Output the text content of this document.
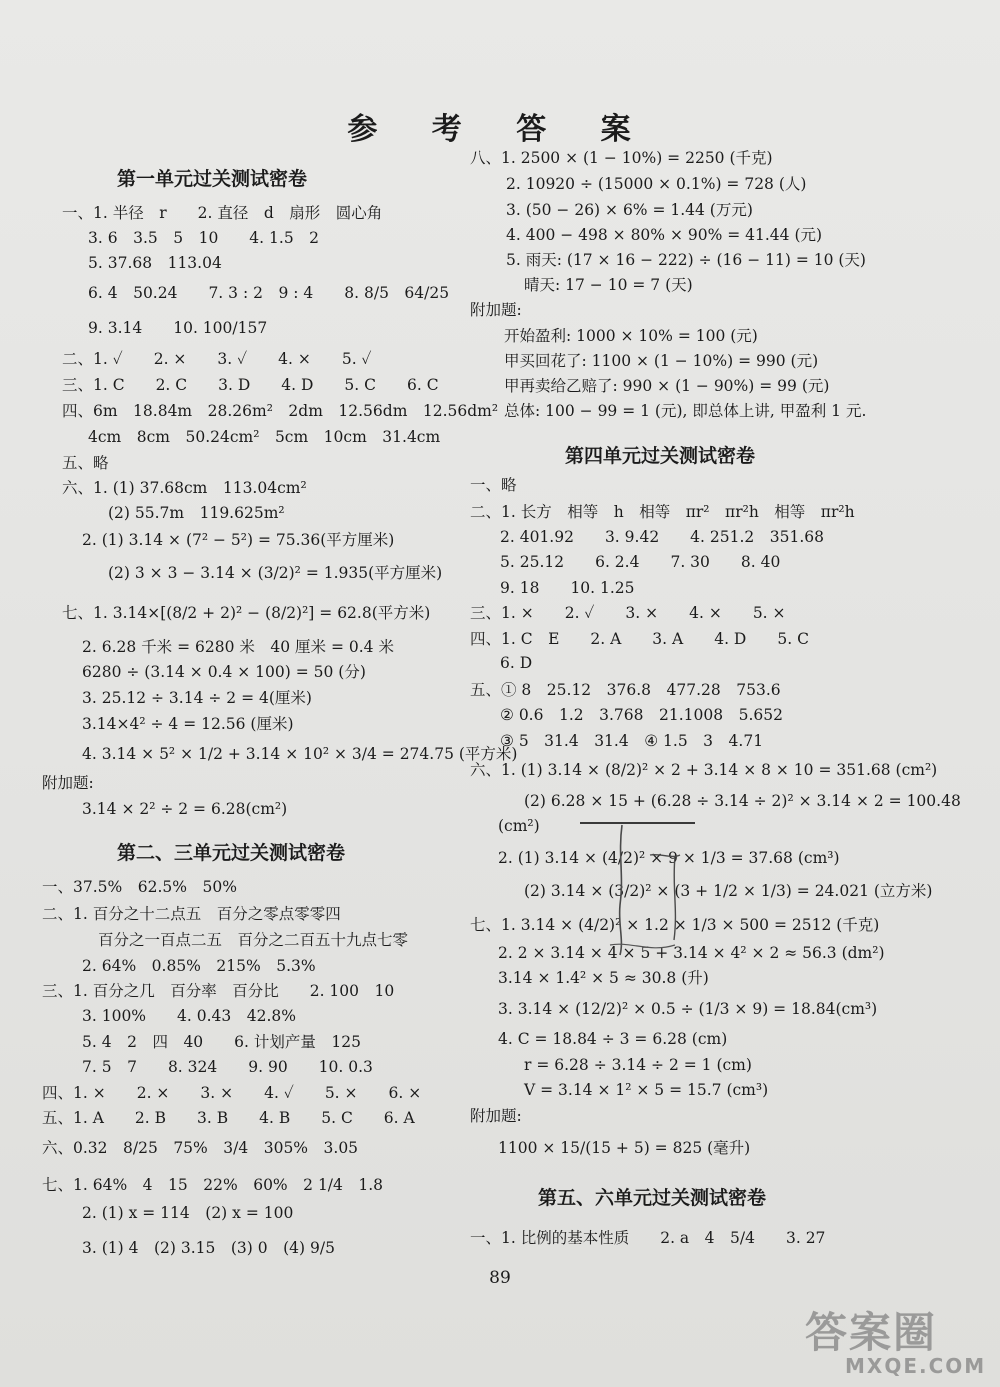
参 考 答 案
第一单元过关测试密卷
一、1. 半径　r　　2. 直径　d　扇形　圆心角
3. 6　3.5　5　10　　4. 1.5　2
5. 37.68　113.04
6. 4　50.24　　7. 3 : 2　9 : 4　　8. 8/5　64/25
9. 3.14　　10. 100/157
二、1. ✓　　2. ×　　3. ✓　　4. ×　　5. ✓
三、1. C　　2. C　　3. D　　4. D　　5. C　　6. C
四、6m　18.84m　28.26m²　2dm　12.56dm　12.56dm²
4cm　8cm　50.24cm²　5cm　10cm　31.4cm
五、略
六、1. (1) 37.68cm　113.04cm²
(2) 55.7m　119.625m²
2. (1) 3.14 × (7² − 5²) = 75.36(平方厘米)
(2) 3 × 3 − 3.14 × (3/2)² = 1.935(平方厘米)
七、1. 3.14×[(8/2 + 2)² − (8/2)²] = 62.8(平方米)
2. 6.28 千米 = 6280 米　40 厘米 = 0.4 米
6280 ÷ (3.14 × 0.4 × 100) = 50 (分)
3. 25.12 ÷ 3.14 ÷ 2 = 4(厘米)
3.14×4² ÷ 4 = 12.56 (厘米)
4. 3.14 × 5² × 1/2 + 3.14 × 10² × 3/4 = 274.75 (平方米)
附加题:
3.14 × 2² ÷ 2 = 6.28(cm²)
第二、三单元过关测试密卷
一、37.5%　62.5%　50%
二、1. 百分之十二点五　百分之零点零零四
百分之一百点二五　百分之二百五十九点七零
2. 64%　0.85%　215%　5.3%
三、1. 百分之几　百分率　百分比　　2. 100　10
3. 100%　　4. 0.43　42.8%
5. 4　2　四　40　　6. 计划产量　125
7. 5　7　　8. 324　　9. 90　　10. 0.3
四、1. ×　　2. ×　　3. ×　　4. ✓　　5. ×　　6. ×
五、1. A　　2. B　　3. B　　4. B　　5. C　　6. A
六、0.32　8/25　75%　3/4　305%　3.05
七、1. 64%　4　15　22%　60%　2 1/4　1.8
2. (1) x = 114　(2) x = 100
3. (1) 4　(2) 3.15　(3) 0　(4) 9/5
八、1. 2500 × (1 − 10%) = 2250 (千克)
2. 10920 ÷ (15000 × 0.1%) = 728 (人)
3. (50 − 26) × 6% = 1.44 (万元)
4. 400 − 498 × 80% × 90% = 41.44 (元)
5. 雨天: (17 × 16 − 222) ÷ (16 − 11) = 10 (天)
晴天: 17 − 10 = 7 (天)
附加题:
开始盈利: 1000 × 10% = 100 (元)
甲买回花了: 1100 × (1 − 10%) = 990 (元)
甲再卖给乙赔了: 990 × (1 − 90%) = 99 (元)
总体: 100 − 99 = 1 (元), 即总体上讲, 甲盈利 1 元.
第四单元过关测试密卷
一、略
二、1. 长方　相等　h　相等　πr²　πr²h　相等　πr²h
2. 401.92　　3. 9.42　　4. 251.2　351.68
5. 25.12　　6. 2.4　　7. 30　　8. 40
9. 18　　10. 1.25
三、1. ×　　2. ✓　　3. ×　　4. ×　　5. ×
四、1. C　E　　2. A　　3. A　　4. D　　5. C
6. D
五、① 8　25.12　376.8　477.28　753.6
② 0.6　1.2　3.768　21.1008　5.652
③ 5　31.4　31.4　④ 1.5　3　4.71
六、1. (1) 3.14 × (8/2)² × 2 + 3.14 × 8 × 10 = 351.68 (cm²)
(2) 6.28 × 15 + (6.28 ÷ 3.14 ÷ 2)² × 3.14 × 2 = 100.48
(cm²)
2. (1) 3.14 × (4/2)² × 9 × 1/3 = 37.68 (cm³)
(2) 3.14 × (3/2)² × (3 + 1/2 × 1/3) = 24.021 (立方米)
七、1. 3.14 × (4/2)² × 1.2 × 1/3 × 500 = 2512 (千克)
2. 2 × 3.14 × 4 × 5 + 3.14 × 4² × 2 ≈ 56.3 (dm²)
3.14 × 1.4² × 5 ≈ 30.8 (升)
3. 3.14 × (12/2)² × 0.5 ÷ (1/3 × 9) = 18.84(cm³)
4. C = 18.84 ÷ 3 = 6.28 (cm)
r = 6.28 ÷ 3.14 ÷ 2 = 1 (cm)
V = 3.14 × 1² × 5 = 15.7 (cm³)
附加题:
1100 × 15/(15 + 5) = 825 (毫升)
第五、六单元过关测试密卷
一、1. 比例的基本性质　　2. a　4　5/4　　3. 27
89
答案圈
MXQE.COM
